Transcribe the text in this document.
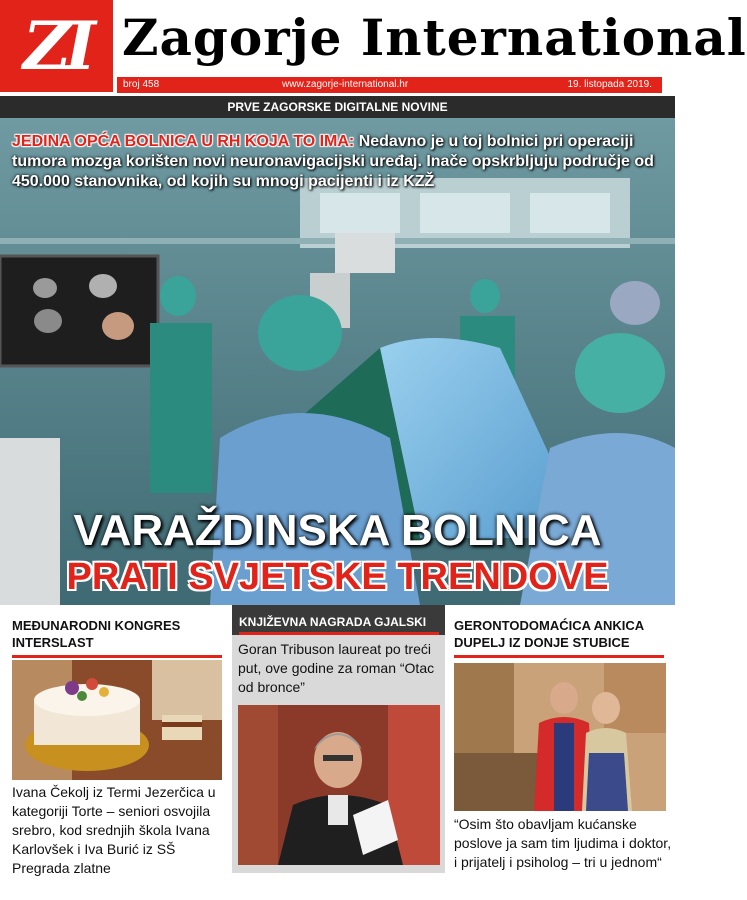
ZI Zagorje International
broj 458	www.zagorje-international.hr	19. listopada 2019.
PRVE ZAGORSKE DIGITALNE NOVINE
JEDINA OPĆA BOLNICA U RH KOJA TO IMA: Nedavno je u toj bolnici pri operaciji tumora mozga korišten novi neuronavigacijski uređaj. Inače opskrbljuju područje od 450.000 stanovnika, od kojih su mnogi pacijenti i iz KZŽ
VARAŽDINSKA BOLNICA
PRATI SVJETSKE TRENDOVE
MEĐUNARODNI KONGRES INTERSLAST

Ivana Čekolj iz Termi Jezerčica u kategoriji Torte – seniori osvojila srebro, kod srednjih škola Ivana Karlovšek i Iva Burić iz SŠ Pregrada zlatne

KNJIŽEVNA NAGRADA GJALSKI

Goran Tribuson laureat po treći put, ove godine za roman “Otac od bronce”

GERONTODOMAĆICA ANKICA DUPELJ IZ DONJE STUBICE

“Osim što obavljam kućanske poslove ja sam tim ljudima i doktor, i prijatelj i psiholog – tri u jednom“
